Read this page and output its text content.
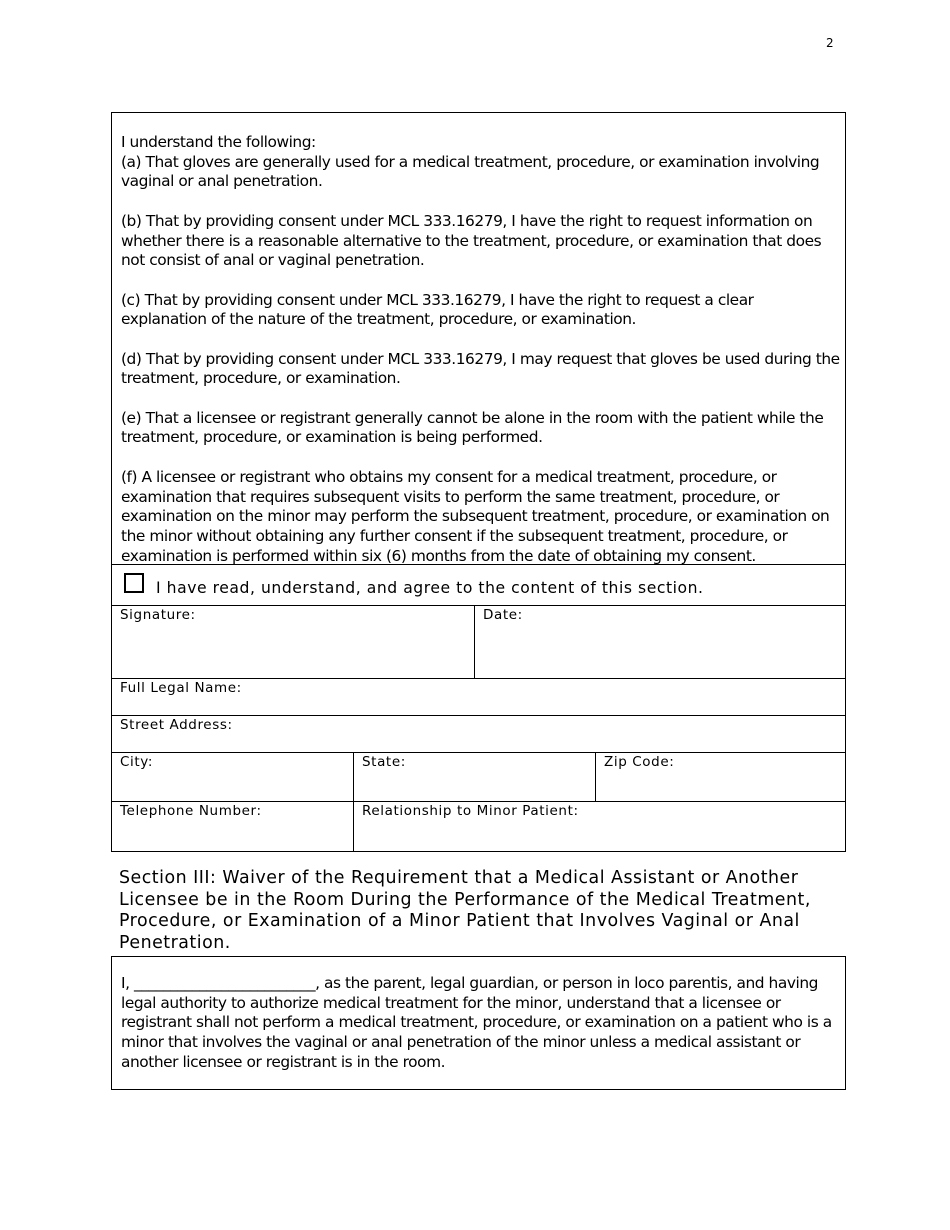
2

I understand the following:

(a) That gloves are generally used for a medical treatment, procedure, or examination involving vaginal or anal penetration.

(b) That by providing consent under MCL 333.16279, I have the right to request information on whether there is a reasonable alternative to the treatment, procedure, or examination that does not consist of anal or vaginal penetration.

(c) That by providing consent under MCL 333.16279, I have the right to request a clear explanation of the nature of the treatment, procedure, or examination.

(d) That by providing consent under MCL 333.16279, I may request that gloves be used during the treatment, procedure, or examination.

(e) That a licensee or registrant generally cannot be alone in the room with the patient while the treatment, procedure, or examination is being performed.

(f) A licensee or registrant who obtains my consent for a medical treatment, procedure, or examination that requires subsequent visits to perform the same treatment, procedure, or examination on the minor may perform the subsequent treatment, procedure, or examination on the minor without obtaining any further consent if the subsequent treatment, procedure, or examination is performed within six (6) months from the date of obtaining my consent.

I have read, understand, and agree to the content of this section.
Signature:	Date:
Full Legal Name:
Street Address:
City:	State:	Zip Code:
Telephone Number:	Relationship to Minor Patient:
Section III: Waiver of the Requirement that a Medical Assistant or Another Licensee be in the Room During the Performance of the Medical Treatment, Procedure, or Examination of a Minor Patient that Involves Vaginal or Anal Penetration.

I, _________________________, as the parent, legal guardian, or person in loco parentis, and having legal authority to authorize medical treatment for the minor, understand that a licensee or registrant shall not perform a medical treatment, procedure, or examination on a patient who is a minor that involves the vaginal or anal penetration of the minor unless a medical assistant or another licensee or registrant is in the room.
